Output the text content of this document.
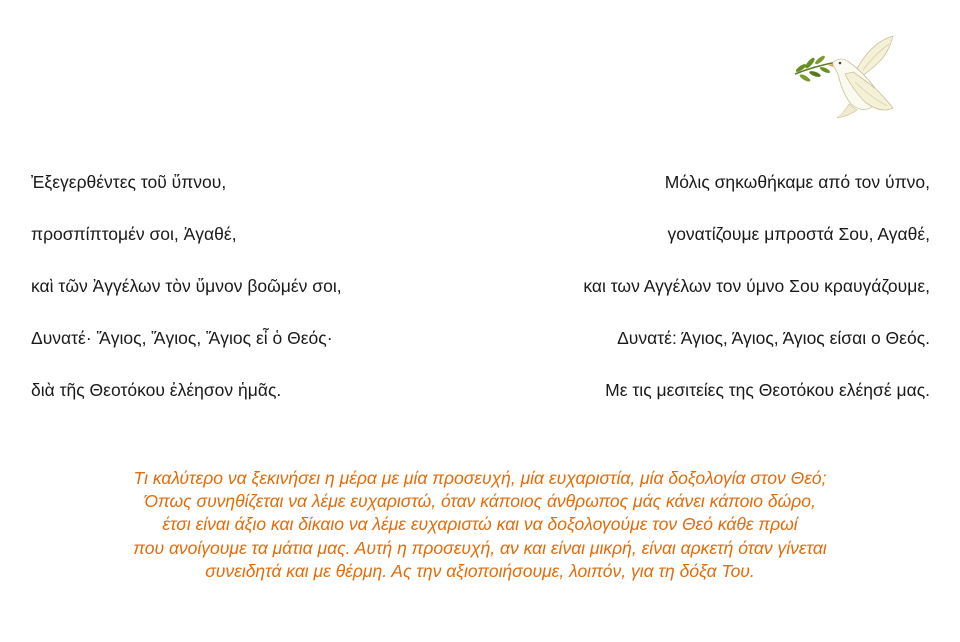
Ἐξεγερθέντες τοῦ ὕπνου,
προσπίπτομέν σοι, Ἀγαθέ,
καὶ τῶν Ἀγγέλων τὸν ὕμνον βοῶμέν σοι,
Δυνατέ· Ἅγιος, Ἅγιος, Ἅγιος εἶ ὁ Θεός·
διὰ τῆς Θεοτόκου ἐλέησον ἡμᾶς.
Μόλις σηκωθήκαμε από τον ύπνο,
γονατίζουμε μπροστά Σου, Αγαθέ,
και των Αγγέλων τον ύμνο Σου κραυγάζουμε,
Δυνατέ: Άγιος, Άγιος, Άγιος είσαι ο Θεός.
Με τις μεσιτείες της Θεοτόκου ελέησέ μας.
Τι καλύτερο να ξεκινήσει η μέρα με μία προσευχή, μία ευχαριστία, μία δοξολογία στον Θεό;
Όπως συνηθίζεται να λέμε ευχαριστώ, όταν κάποιος άνθρωπος μάς κάνει κάποιο δώρο,
έτσι είναι άξιο και δίκαιο να λέμε ευχαριστώ και να δοξολογούμε τον Θεό κάθε πρωί
που ανοίγουμε τα μάτια μας. Αυτή η προσευχή, αν και είναι μικρή, είναι αρκετή όταν γίνεται
συνειδητά και με θέρμη. Ας την αξιοποιήσουμε, λοιπόν, για τη δόξα Του.
